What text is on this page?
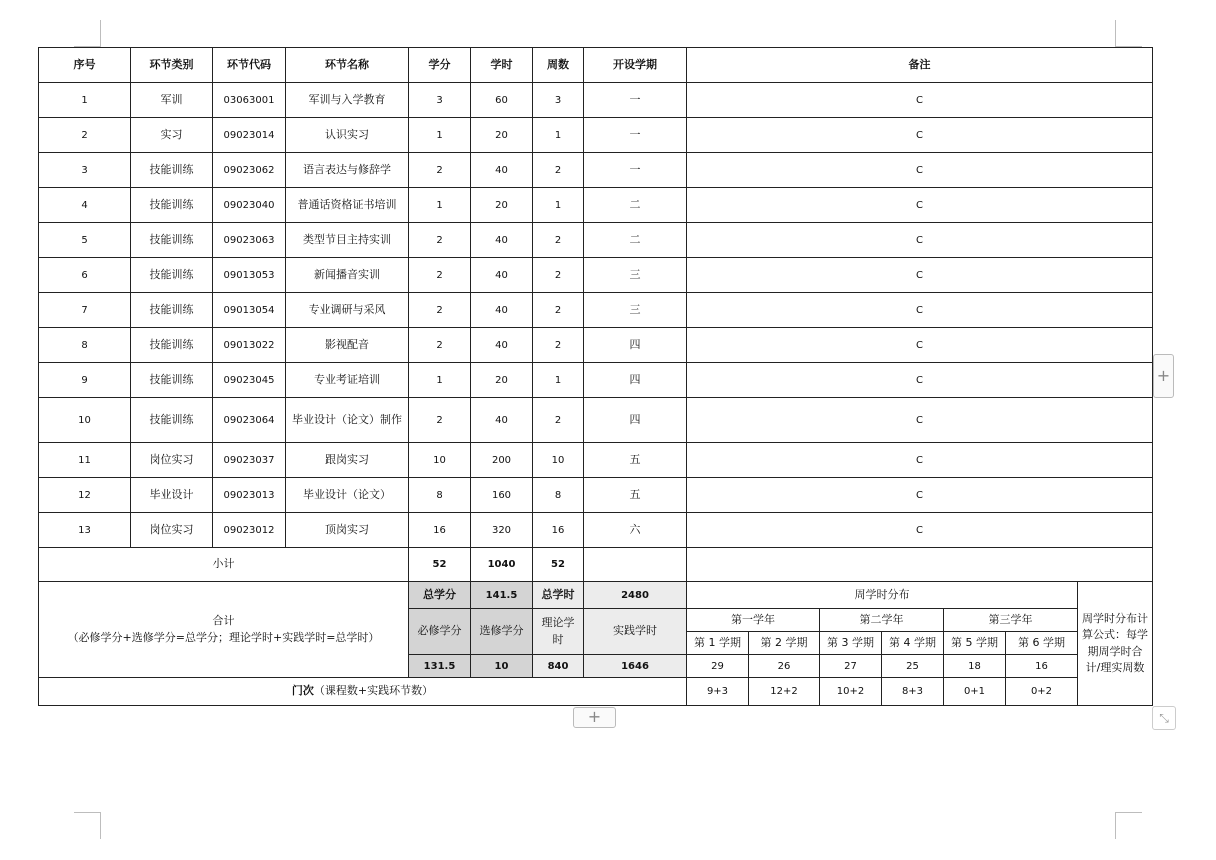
序号	环节类别	环节代码	环节名称	学分	学时	周数	开设学期	备注						
1	军训	03063001	军训与入学教育	3	60	3	一	C						
2	实习	09023014	认识实习	1	20	1	一	C						
3	技能训练	09023062	语言表达与修辞学	2	40	2	一	C						
4	技能训练	09023040	普通话资格证书培训	1	20	1	二	C						
5	技能训练	09023063	类型节目主持实训	2	40	2	二	C						
6	技能训练	09013053	新闻播音实训	2	40	2	三	C						
7	技能训练	09013054	专业调研与采风	2	40	2	三	C						
8	技能训练	09013022	影视配音	2	40	2	四	C						
9	技能训练	09023045	专业考证培训	1	20	1	四	C						
10	技能训练	09023064	毕业设计（论文）制作	2	40	2	四	C						
11	岗位实习	09023037	跟岗实习	10	200	10	五	C						
12	毕业设计	09023013	毕业设计（论文）	8	160	8	五	C						
13	岗位实习	09023012	顶岗实习	16	320	16	六	C						
小计				52	1040	52								

合计
（必修学分+选修学分=总学分；理论学时+实践学时=总学时）				总学分	141.5	总学时	2480	周学时分布						周学时分布计算公式：每学期周学时合计/理实周数
				必修学分	选修学分	理论学时	实践学时	第一学年		第二学年		第三学年		
								第 1 学期	第 2 学期	第 3 学期	第 4 学期	第 5 学期	第 6 学期	
				131.5	10	840	1646	29	26	27	25	18	16	
门次（课程数+实践环节数）								9+3	12+2	10+2	8+3	0+1	0+2	
+
+	⤡
